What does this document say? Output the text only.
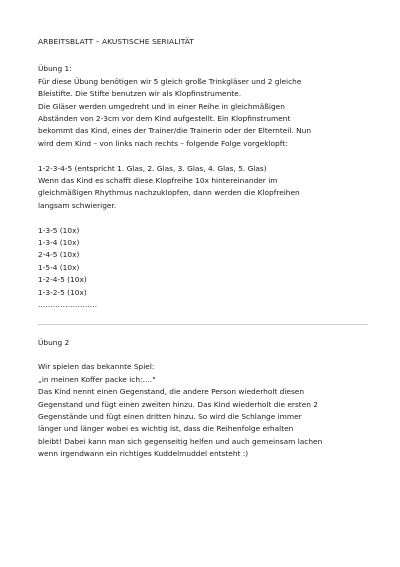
ARBEITSBLATT – AKUSTISCHE SERIALITÄT
Übung 1:

Für diese Übung benötigen wir 5 gleich große Trinkgläser und 2 gleiche
Bleistifte. Die Stifte benutzen wir als Klopfinstrumente.
Die Gläser werden umgedreht und in einer Reihe in gleichmäßigen
Abständen von 2-3cm vor dem Kind aufgestellt. Ein Klopfinstrument
bekommt das Kind, eines der Trainer/die Trainerin oder der Elternteil. Nun
wird dem Kind – von links nach rechts – folgende Folge vorgeklopft:

1-2-3-4-5 (entspricht 1. Glas, 2. Glas, 3. Glas, 4. Glas, 5. Glas)
Wenn das Kind es schafft diese Klopfreihe 10x hintereinander im
gleichmäßigen Rhythmus nachzuklopfen, dann werden die Klopfreihen
langsam schwieriger.

1-3-5 (10x)
1-3-4 (10x)
2-4-5 (10x)
1-5-4 (10x)
1-2-4-5 (10x)
1-3-2-5 (10x)
……………………
Übung 2

Wir spielen das bekannte Spiel:
„in meinen Koffer packe ich:…."
Das Kind nennt einen Gegenstand, die andere Person wiederholt diesen
Gegenstand und fügt einen zweiten hinzu. Das Kind wiederholt die ersten 2
Gegenstände und fügt einen dritten hinzu. So wird die Schlange immer
länger und länger wobei es wichtig ist, dass die Reihenfolge erhalten
bleibt! Dabei kann man sich gegenseitig helfen und auch gemeinsam lachen
wenn irgendwann ein richtiges Kuddelmuddel entsteht :)
